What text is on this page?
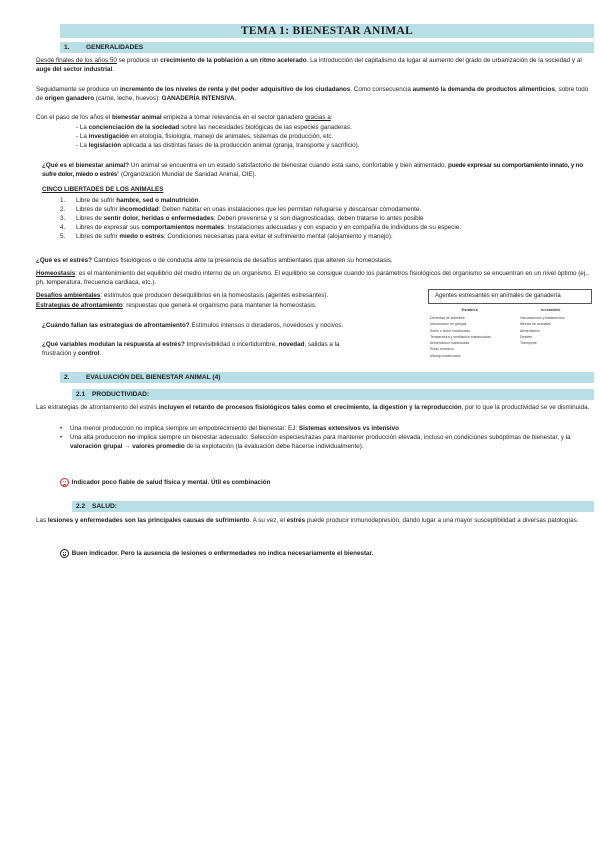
TEMA 1: BIENESTAR ANIMAL
1.	GENERALIDADES

Desde finales de los años 50 se produce un crecimiento de la población a un ritmo acelerado. La introducción del capitalismo da lugar al aumento del grado de urbanización de la sociedad y al auge del sector industrial.

Seguidamente se produce un incremento de los niveles de renta y del poder adquisitivo de los ciudadanos. Como consecuencia aumentó la demanda de productos alimenticios, sobre todo de origen ganadero (carne, leche, huevos): GANADERÍA INTENSIVA.

Con el paso de los años el bienestar animal empieza a tomar relevancia en el sector ganadero gracias a:

- La concienciación de la sociedad sobre las necesidades biológicas de las especies ganaderas.
- La investigación en etología, fisiología, manejo de animales, sistemas de producción, etc.
- La legislación aplicada a las distintas fases de la producción animal (granja, transporte y sacrificio).

¿Qué es el bienestar animal? Un animal se encuentra en un estado satisfactorio de bienestar cuando está sano, confortable y bien alimentado, puede expresar su comportamiento innato, y no sufre dolor, miedo o estrés” (Organización Mundial de Sanidad Animal, OIE).

CINCO LIBERTADES DE LOS ANIMALES
1. Libre de sufrir hambre, sed o malnutrición.
2. Libres de sufrir incomodidad: Deben habitar en unas instalaciones que les permitan refugiarse y descansar cómodamente.
3. Libres de sentir dolor, heridas o enfermedades: Deben prevenirse y si son diagnosticadas, deben tratarse lo antes posible
4. Libres de expresar sus comportamientos normales: Instalaciones adecuadas y con espacio y en compañía de individuos de su especie.
5. Libres de sufrir miedo o estrés: Condiciones necesarias para evitar el sufrimiento mental (alojamiento y manejo).

¿Qué es el estrés? Cambios fisiológicos o de conducta ante la presencia de desafíos ambientales que alteren su homeostasis.

Homeostasis: es el mantenimiento del equilibrio del medio interno de un organismo. El equilibrio se consigue cuando los parámetros fisiológicos del organismo se encuentran en un nivel óptimo (ej., ph, temperatura, frecuencia cardiaca, etc.).

Desafíos ambientales: estímulos que producen desequilibrios en la homeostasis (agentes estresantes).

Estrategias de afrontamiento: respuestas que genera el organismo para mantener la homeostasis.

¿Cuándo fallan las estrategias de afrontamiento? Estímulos intensos o duraderos, novedosos y nocivos.

¿Qué variables modulan la respuesta al estrés? Imprevisibilidad o incertidumbre, novedad, salidas a la frustración y control

Agentes estresantes en animales de ganadería
Estables	Inestables
Densidad de animales	Vacunaciones y tratamientos
Introducción en granjas	Mezcla de animales
Suelo o lecho inadecuado	Alimentación
Temperatura y ventilación inadecuadas	Destete
Alimentación inadecuada	Transporte
Ruido excesivo
Manejo inadecuado
2.	EVALUACIÓN DEL BIENESTAR ANIMAL (4)
2.1 PRODUCTIVIDAD:

Las estrategias de afrontamiento del estrés incluyen el retardo de procesos fisiológicos tales como el crecimiento, la digestión y la reproducción, por lo que la productividad se ve disminuida.

• Una menor producción no implica siempre un empobrecimiento del bienestar: EJ: Sistemas extensivos vs intensivo
• Una alta producción no implica siempre un bienestar adecuado: Selección especies/razas para mantener producción elevada, incluso en condiciones subóptimas de bienestar, y la valoración grupal → valores promedio de la explotación (la evaluación debe hacerse individualmente).
Indicador poco fiable de salud física y mental. Útil es combinación
2.2 SALUD:

Las lesiones y enfermedades son las principales causas de sufrimiento. A su vez, el estrés puede producir inmunodepresión, dando lugar a una mayor susceptibilidad a diversas patologías.

Buen indicador. Pero la ausencia de lesiones o enfermedades no indica necesariamente el bienestar.
